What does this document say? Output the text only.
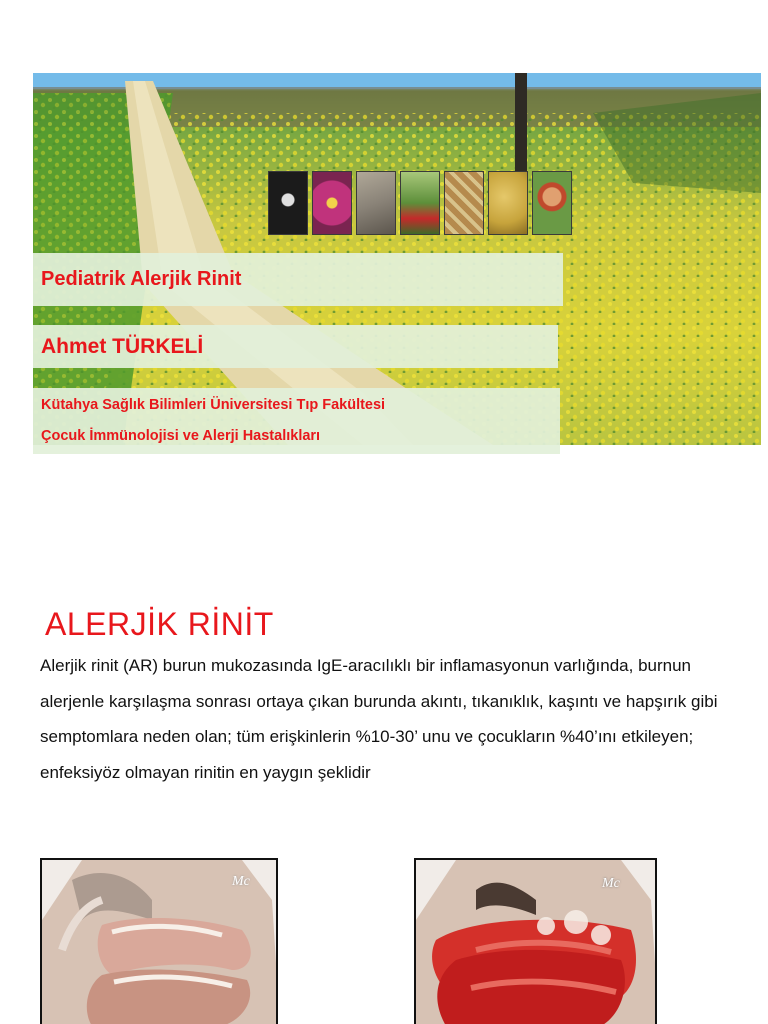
Pediatrik Alerjik Rinit
Ahmet TÜRKELİ
Kütahya Sağlık Bilimleri Üniversitesi Tıp Fakültesi
Çocuk İmmünolojisi ve Alerji Hastalıkları
ALERJİK RİNİT

Alerjik rinit (AR) burun mukozasında IgE-aracılıklı bir inflamasyonun varlığında, burnun alerjenle karşılaşma sonrası ortaya çıkan burunda akıntı, tıkanıklık, kaşıntı ve hapşırık gibi semptomlara neden olan; tüm erişkinlerin %10-30’ unu ve çocukların %40’ını etkileyen; enfeksiyöz olmayan rinitin en yaygın şeklidir

Mc	Mc
